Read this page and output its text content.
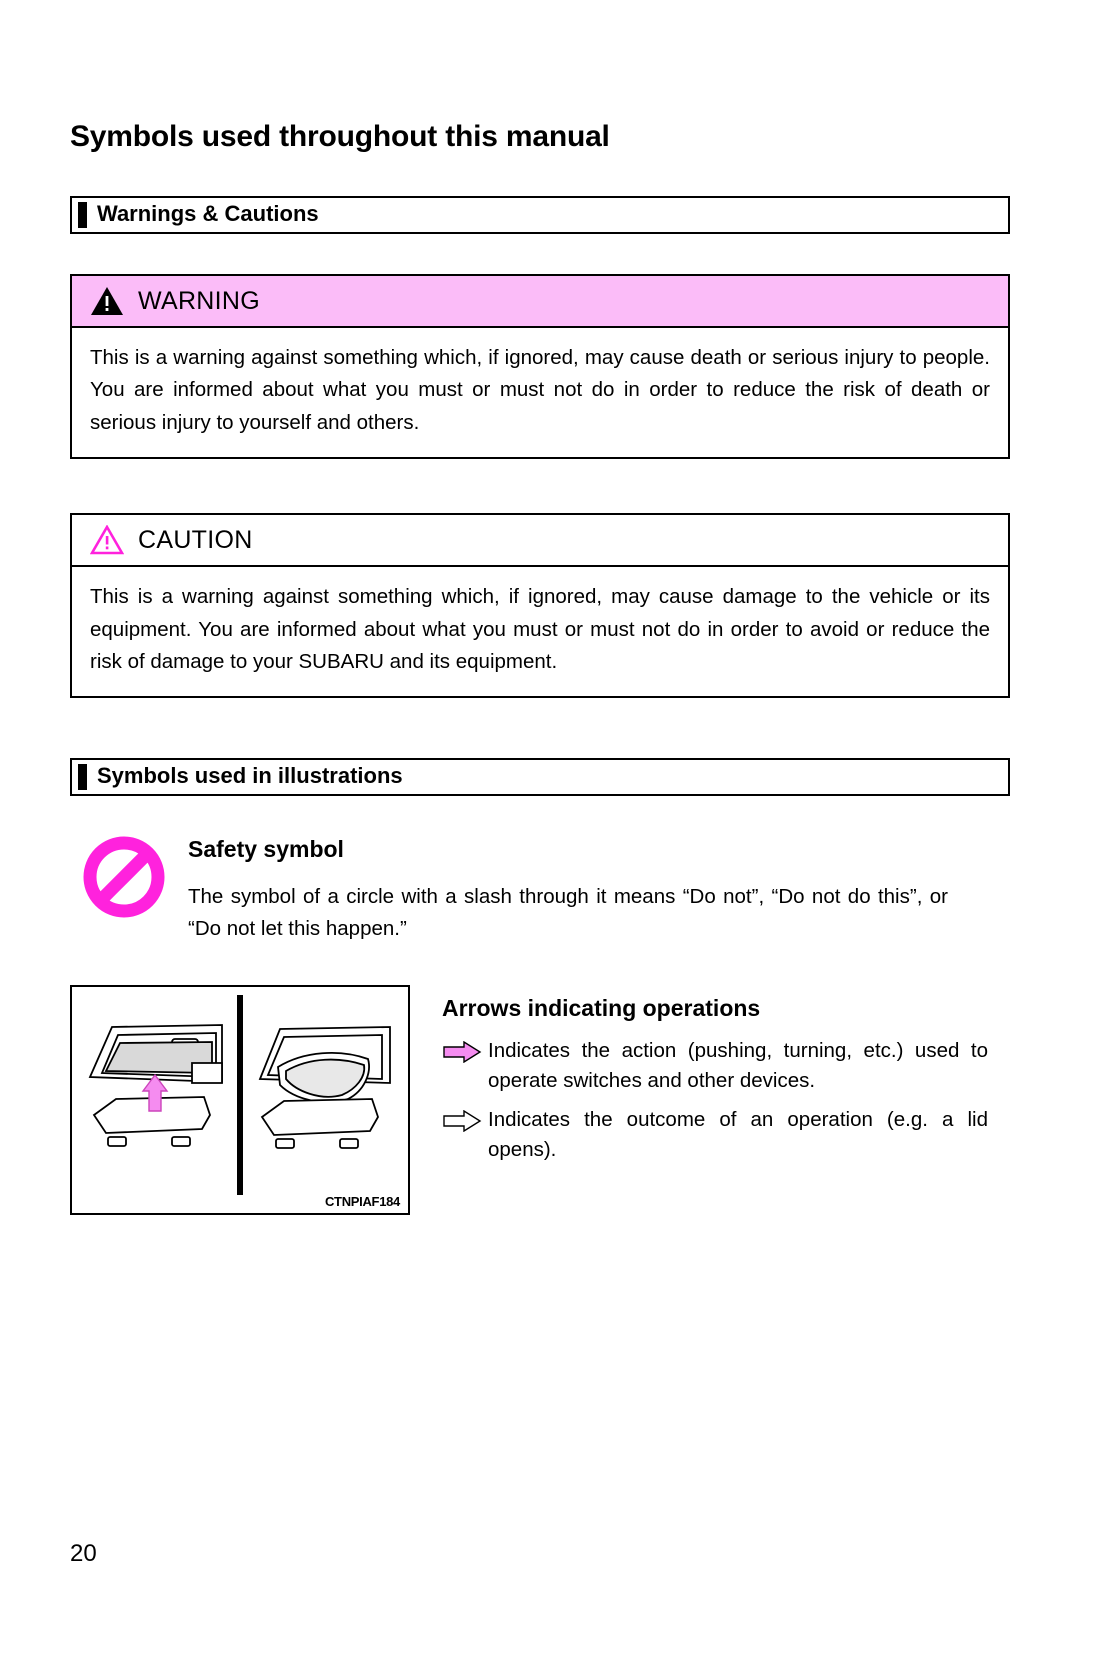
Symbols used throughout this manual
Warnings & Cautions
WARNING

This is a warning against something which, if ignored, may cause death or serious injury to people. You are informed about what you must or must not do in order to reduce the risk of death or serious injury to yourself and others.

CAUTION

This is a warning against something which, if ignored, may cause damage to the vehicle or its equipment. You are informed about what you must or must not do in order to avoid or reduce the risk of damage to your SUBARU and its equipment.

Symbols used in illustrations
Safety symbol

The symbol of a circle with a slash through it means “Do not”, “Do not do this”, or “Do not let this happen.”

CTNPIAF184
Arrows indicating operations

Indicates the action (pushing, turning, etc.) used to operate switches and other devices.

Indicates the outcome of an operation (e.g. a lid opens).

20
